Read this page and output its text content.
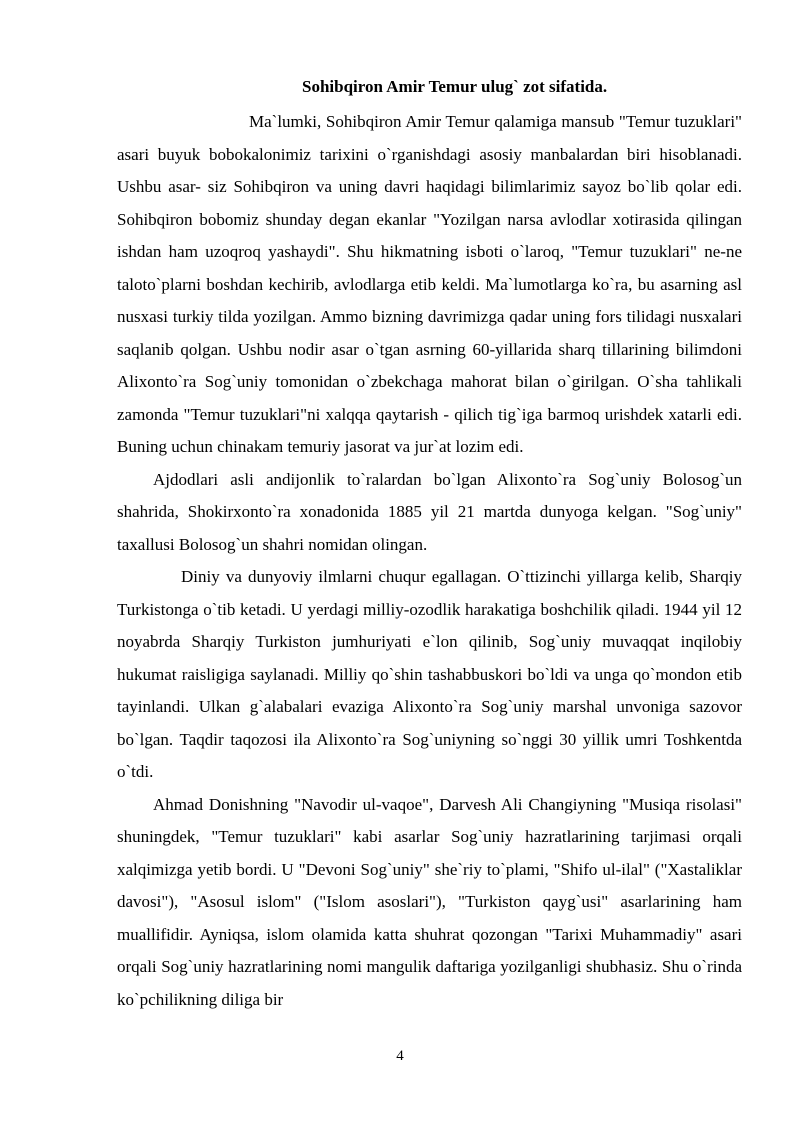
Sohibqiron Amir Temur ulug` zot sifatida.

Ma`lumki, Sohibqiron Amir Temur qalamiga mansub "Temur tuzuklari" asari buyuk bobokalonimiz tarixini o`rganishdagi asosiy manbalardan biri hisoblanadi. Ushbu asar- siz Sohibqiron va uning davri haqidagi bilimlarimiz sayoz bo`lib qolar edi. Sohibqiron bobomiz shunday degan ekanlar "Yozilgan narsa avlodlar xotirasida qilingan ishdan ham uzoqroq yashaydi". Shu hikmatning isboti o`laroq, "Temur tuzuklari" ne-ne taloto`plarni boshdan kechirib, avlodlarga etib keldi. Ma`lumotlarga ko`ra, bu asarning asl nusxasi turkiy tilda yozilgan. Ammo bizning davrimizga qadar uning fors tilidagi nusxalari saqlanib qolgan. Ushbu nodir asar o`tgan asrning 60-yillarida sharq tillarining bilimdoni Alixonto`ra Sog`uniy tomonidan o`zbekchaga mahorat bilan o`girilgan. O`sha tahlikali zamonda "Temur tuzuklari"ni xalqqa qaytarish - qilich tig`iga barmoq urishdek xatarli edi. Buning uchun chinakam temuriy jasorat va jur`at lozim edi.

Ajdodlari asli andijonlik to`ralardan bo`lgan Alixonto`ra Sog`uniy Bolosog`un shahrida, Shokirxonto`ra xonadonida 1885 yil 21 martda dunyoga kelgan. "Sog`uniy" taxallusi Bolosog`un shahri nomidan olingan.

Diniy va dunyoviy ilmlarni chuqur egallagan. O`ttizinchi yillarga kelib, Sharqiy Turkistonga o`tib ketadi. U yerdagi milliy-ozodlik harakatiga boshchilik qiladi. 1944 yil 12 noyabrda Sharqiy Turkiston jumhuriyati e`lon qilinib, Sog`uniy muvaqqat inqilobiy hukumat raisligiga saylanadi. Milliy qo`shin tashabbuskori bo`ldi va unga qo`mondon etib tayinlandi. Ulkan g`alabalari evaziga Alixonto`ra Sog`uniy marshal unvoniga sazovor bo`lgan. Taqdir taqozosi ila Alixonto`ra Sog`uniyning so`nggi 30 yillik umri Toshkentda o`tdi.

Ahmad Donishning "Navodir ul-vaqoe", Darvesh Ali Changiyning "Musiqa risolasi" shuningdek, "Temur tuzuklari" kabi asarlar Sog`uniy hazratlarining tarjimasi orqali xalqimizga yetib bordi. U "Devoni Sog`uniy" she`riy to`plami, "Shifo ul-ilal" ("Xastaliklar davosi"), "Asosul islom" ("Islom asoslari"), "Turkiston qayg`usi" asarlarining ham muallifidir. Ayniqsa, islom olamida katta shuhrat qozongan "Tarixi Muhammadiy" asari orqali Sog`uniy hazratlarining nomi mangulik daftariga yozilganligi shubhasiz. Shu o`rinda ko`pchilikning diliga bir

4
